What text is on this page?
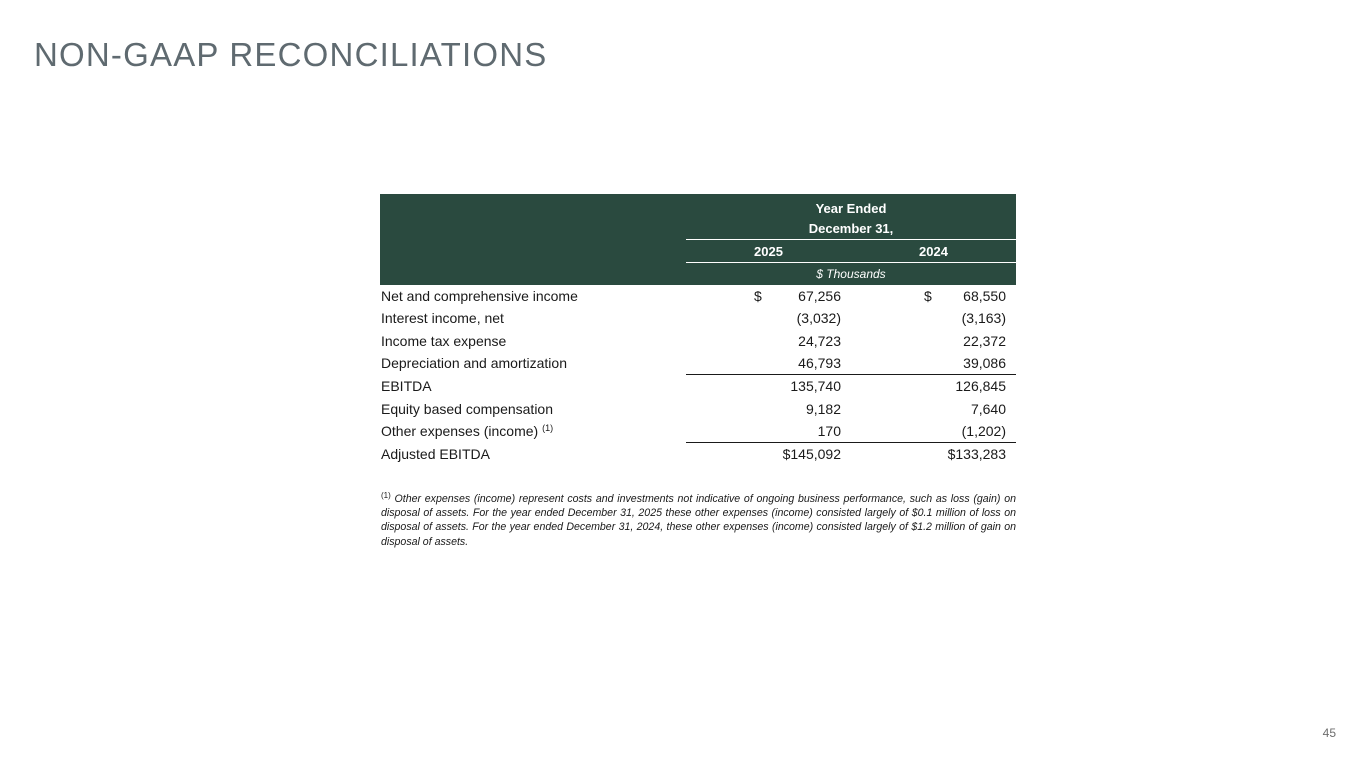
NON-GAAP RECONCILIATIONS
	Year Ended	
	December 31,	
	2025	2024
	$ Thousands	
Net and comprehensive income	$ 67,256	$ 68,550
Interest income, net	(3,032)	(3,163)
Income tax expense	24,723	22,372
Depreciation and amortization	46,793	39,086
EBITDA	135,740	126,845
Equity based compensation	9,182	7,640
Other expenses (income) $^{(1)}$	170	(1,202)
Adjusted EBITDA	$145,092	$133,283

$^{(1)}$ Other expenses (income) represent costs and investments not indicative of ongoing business performance, such as loss (gain) on disposal of assets. For the year ended December 31, 2025 these other expenses (income) consisted largely of $0.1 million of loss on disposal of assets. For the year ended December 31, 2024, these other expenses (income) consisted largely of $1.2 million of gain on disposal of assets.

45
